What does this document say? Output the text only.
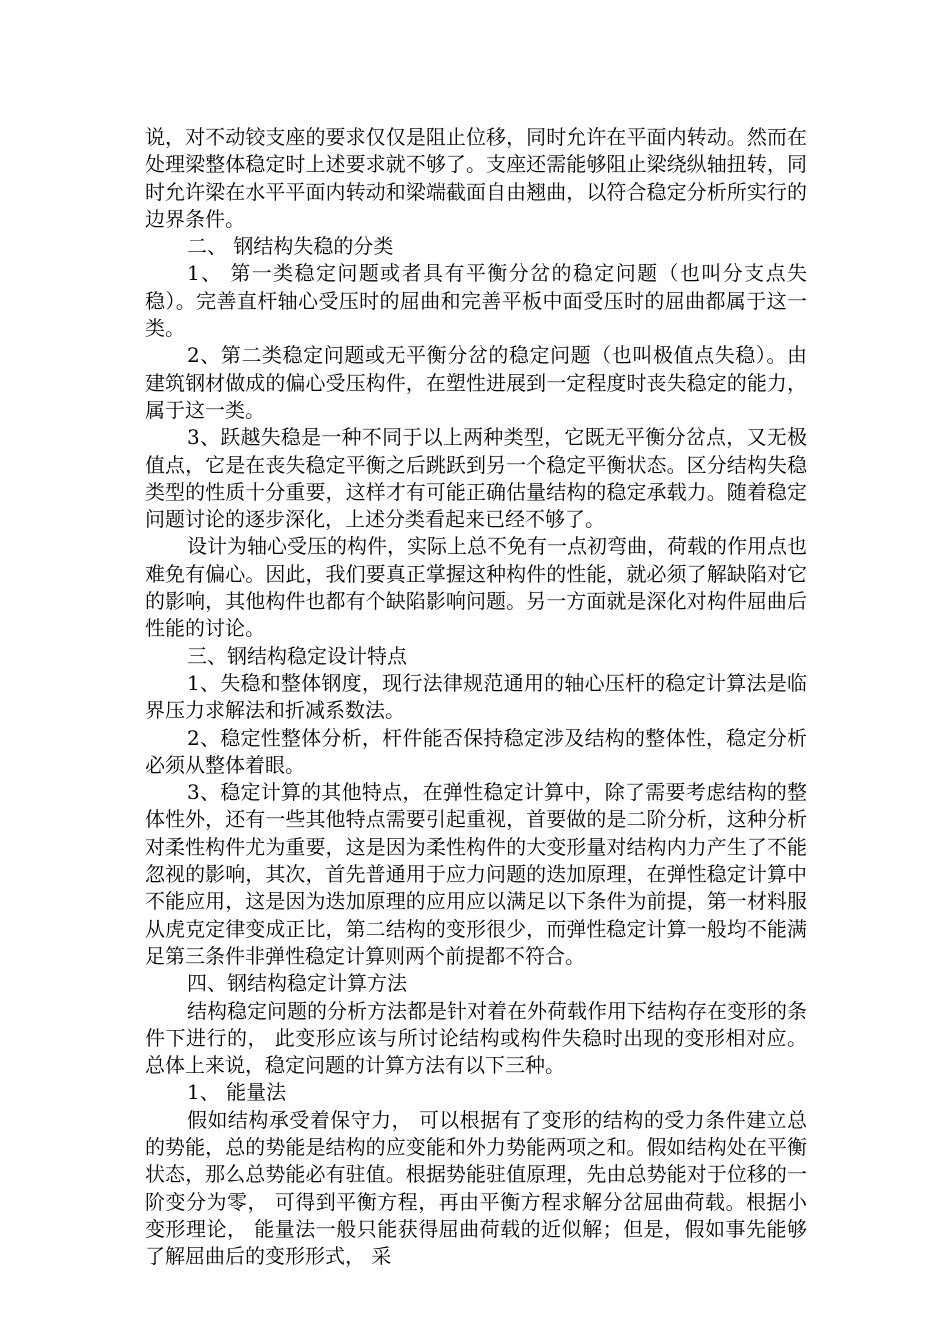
说，对不动铰支座的要求仅仅是阻止位移，同时允许在平面内转动。然而在处理梁整体稳定时上述要求就不够了。支座还需能够阻止梁绕纵轴扭转，同时允许梁在水平平面内转动和梁端截面自由翘曲，以符合稳定分析所实行的边界条件。

二、 钢结构失稳的分类

1、 第一类稳定问题或者具有平衡分岔的稳定问题（也叫分支点失稳）。完善直杆轴心受压时的屈曲和完善平板中面受压时的屈曲都属于这一类。

2、第二类稳定问题或无平衡分岔的稳定问题（也叫极值点失稳）。由建筑钢材做成的偏心受压构件，在塑性进展到一定程度时丧失稳定的能力，属于这一类。

3、跃越失稳是一种不同于以上两种类型，它既无平衡分岔点，又无极值点，它是在丧失稳定平衡之后跳跃到另一个稳定平衡状态。区分结构失稳类型的性质十分重要，这样才有可能正确估量结构的稳定承载力。随着稳定问题讨论的逐步深化，上述分类看起来已经不够了。

设计为轴心受压的构件，实际上总不免有一点初弯曲，荷载的作用点也难免有偏心。因此，我们要真正掌握这种构件的性能，就必须了解缺陷对它的影响，其他构件也都有个缺陷影响问题。另一方面就是深化对构件屈曲后性能的讨论。

三、钢结构稳定设计特点

1、失稳和整体钢度，现行法律规范通用的轴心压杆的稳定计算法是临界压力求解法和折减系数法。

2、稳定性整体分析，杆件能否保持稳定涉及结构的整体性，稳定分析必须从整体着眼。

3、稳定计算的其他特点，在弹性稳定计算中，除了需要考虑结构的整体性外，还有一些其他特点需要引起重视，首要做的是二阶分析，这种分析对柔性构件尤为重要，这是因为柔性构件的大变形量对结构内力产生了不能忽视的影响，其次，首先普通用于应力问题的迭加原理，在弹性稳定计算中不能应用，这是因为迭加原理的应用应以满足以下条件为前提，第一材料服从虎克定律变成正比，第二结构的变形很少，而弹性稳定计算一般均不能满足第三条件非弹性稳定计算则两个前提都不符合。

四、钢结构稳定计算方法

结构稳定问题的分析方法都是针对着在外荷载作用下结构存在变形的条件下进行的， 此变形应该与所讨论结构或构件失稳时出现的变形相对应。总体上来说，稳定问题的计算方法有以下三种。

1、 能量法

假如结构承受着保守力， 可以根据有了变形的结构的受力条件建立总的势能，总的势能是结构的应变能和外力势能两项之和。假如结构处在平衡状态，那么总势能必有驻值。根据势能驻值原理，先由总势能对于位移的一阶变分为零， 可得到平衡方程，再由平衡方程求解分岔屈曲荷载。根据小变形理论， 能量法一般只能获得屈曲荷载的近似解；但是，假如事先能够了解屈曲后的变形形式， 采
